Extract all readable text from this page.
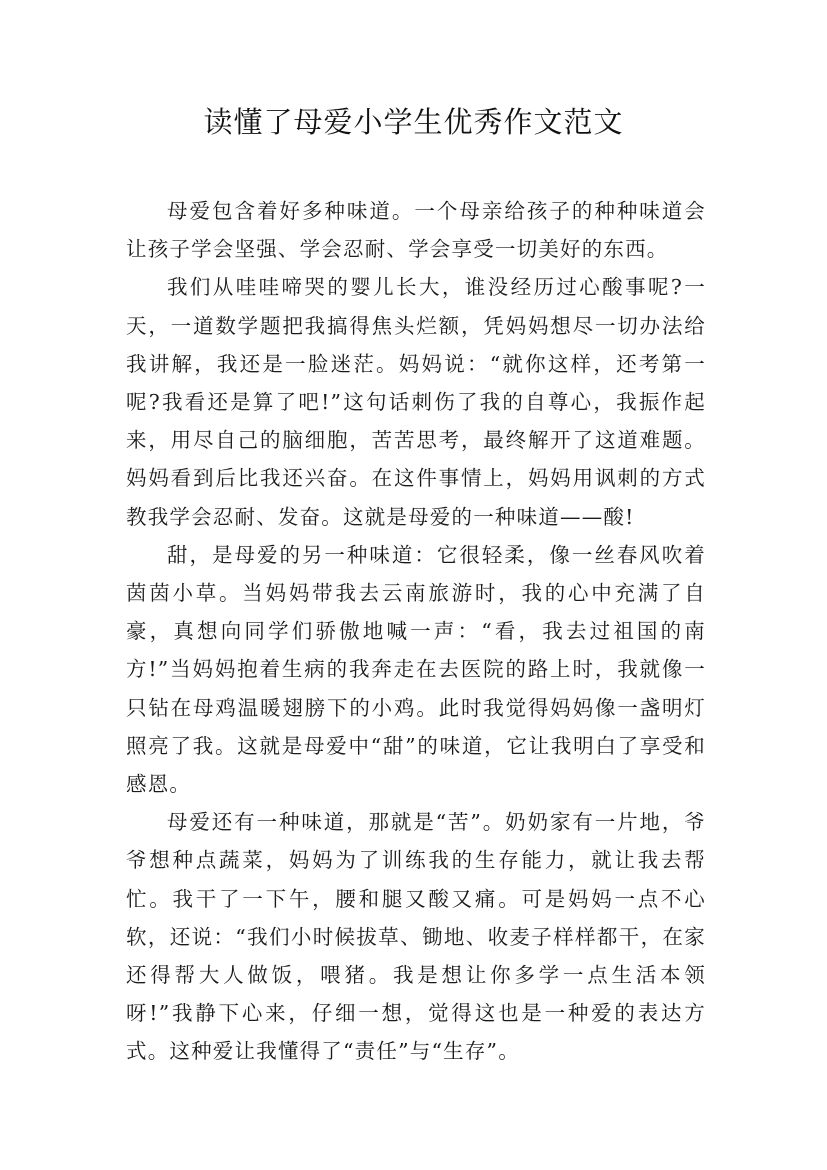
读懂了母爱小学生优秀作文范文

母爱包含着好多种味道。一个母亲给孩子的种种味道会让孩子学会坚强、学会忍耐、学会享受一切美好的东西。

我们从哇哇啼哭的婴儿长大，谁没经历过心酸事呢?一天，一道数学题把我搞得焦头烂额，凭妈妈想尽一切办法给我讲解，我还是一脸迷茫。妈妈说：“就你这样，还考第一呢?我看还是算了吧!”这句话刺伤了我的自尊心，我振作起来，用尽自己的脑细胞，苦苦思考，最终解开了这道难题。妈妈看到后比我还兴奋。在这件事情上，妈妈用讽刺的方式教我学会忍耐、发奋。这就是母爱的一种味道——酸!

甜，是母爱的另一种味道：它很轻柔，像一丝春风吹着茵茵小草。当妈妈带我去云南旅游时，我的心中充满了自豪，真想向同学们骄傲地喊一声：“看，我去过祖国的南方!”当妈妈抱着生病的我奔走在去医院的路上时，我就像一只钻在母鸡温暖翅膀下的小鸡。此时我觉得妈妈像一盏明灯照亮了我。这就是母爱中“甜”的味道，它让我明白了享受和感恩。

母爱还有一种味道，那就是“苦”。奶奶家有一片地，爷爷想种点蔬菜，妈妈为了训练我的生存能力，就让我去帮忙。我干了一下午，腰和腿又酸又痛。可是妈妈一点不心软，还说：“我们小时候拔草、锄地、收麦子样样都干，在家还得帮大人做饭，喂猪。我是想让你多学一点生活本领呀!”我静下心来，仔细一想，觉得这也是一种爱的表达方式。这种爱让我懂得了“责任”与“生存”。
